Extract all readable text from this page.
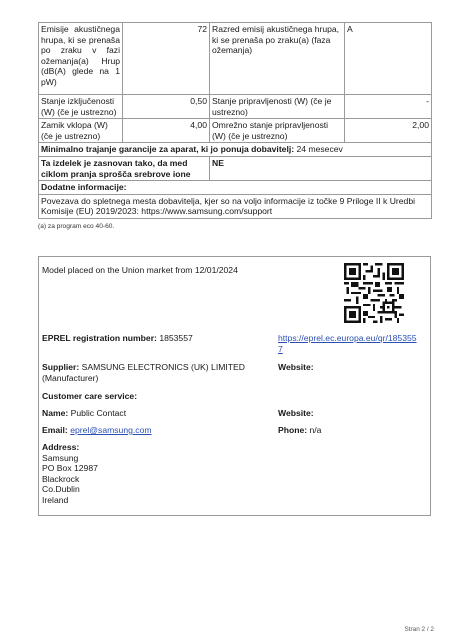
Emisije akustičnega hrupa, ki se prenaša po zraku v fazi ožemanja(a) Hrup (dB(A) glede na 1 pW)	72	Razred emisij akustičnega hrupa, ki se prenaša po zraku(a) (faza ožemanja)	A
Stanje izključenosti (W) (če je ustrezno)	0,50	Stanje pripravljenosti (W) (če je ustrezno)	-
Zamik vklopa (W) (če je ustrezno)	4,00	Omrežno stanje pripravljenosti (W) (če je ustrezno)	2,00
Minimalno trajanje garancije za aparat, ki jo ponuja dobavitelj: 24 mesecev			
Ta izdelek je zasnovan tako, da med ciklom pranja sprošča srebrove ione		NE	
Dodatne informacije:			
Povezava do spletnega mesta dobavitelja, kjer so na voljo informacije iz točke 9 Priloge II k Uredbi Komisije (EU) 2019/2023: https://www.samsung.com/support			
(a) za program eco 40-60.
Model placed on the Union market from 12/01/2024
EPREL registration number: 1853557	https://eprel.ec.europa.eu/qr/1853557
Supplier: SAMSUNG ELECTRONICS (UK) LIMITED (Manufacturer)
Website:
Customer care service:
Name: Public Contact	Website:
Email: eprel@samsung.com	Phone: n/a
Address:
Samsung
PO Box 12987
Blackrock
Co.Dublin
Ireland
Stran 2 / 2
